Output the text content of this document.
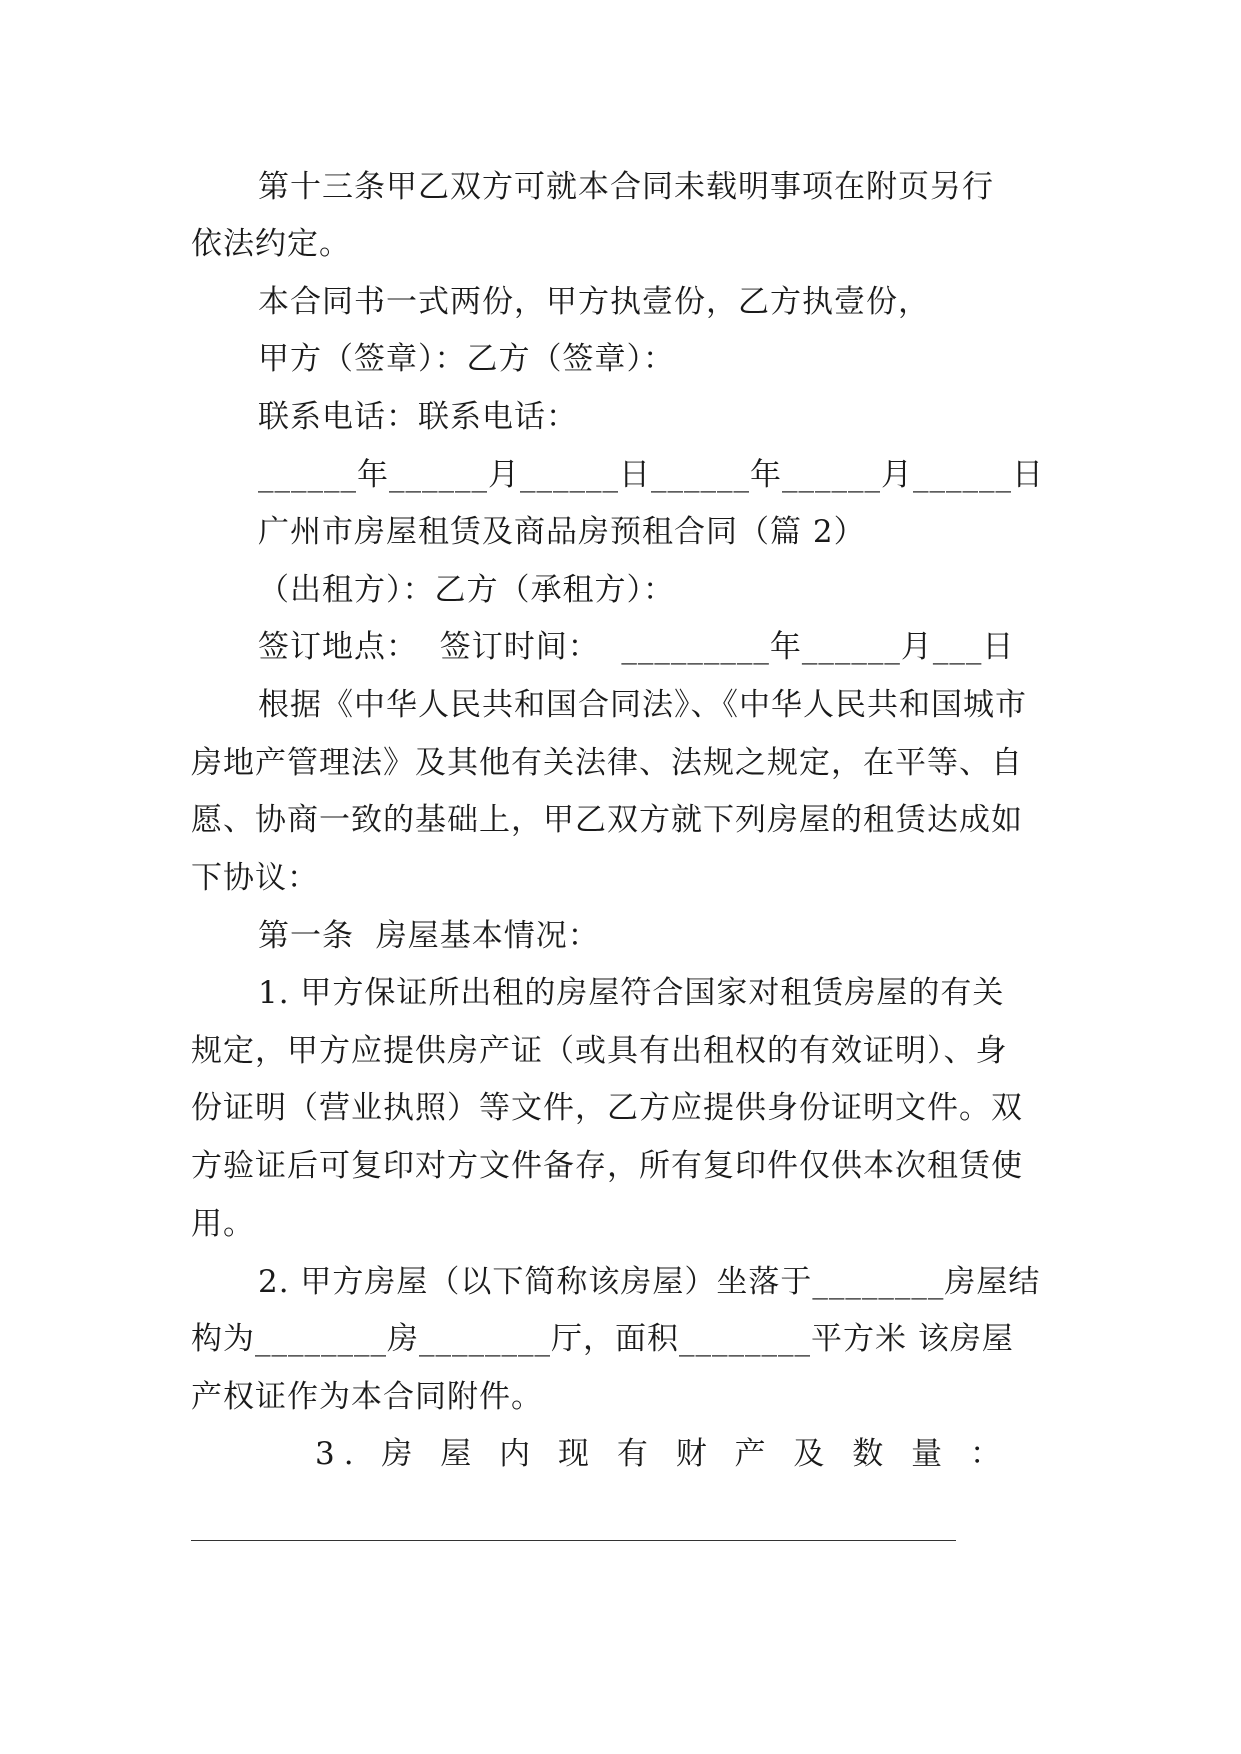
第十三条甲乙双方可就本合同未载明事项在附页另行
依法约定。
本合同书一式两份，甲方执壹份，乙方执壹份，
甲方（签章）：乙方（签章）：
联系电话：联系电话：
______年______月______日______年______月______日
广州市房屋租赁及商品房预租合同（篇 2）
（出租方）：乙方（承租方）：
签订地点：  签订时间：  _________年______月___日
根据《中华人民共和国合同法》、《中华人民共和国城市
房地产管理法》及其他有关法律、法规之规定，在平等、自
愿、协商一致的基础上，甲乙双方就下列房屋的租赁达成如
下协议：
第一条  房屋基本情况：
1. 甲方保证所出租的房屋符合国家对租赁房屋的有关
规定，甲方应提供房产证（或具有出租权的有效证明）、身
份证明（营业执照）等文件，乙方应提供身份证明文件。双
方验证后可复印对方文件备存，所有复印件仅供本次租赁使
用。
2. 甲方房屋（以下简称该房屋）坐落于________房屋结
构为________房________厅，面积________平方米 该房屋
产权证作为本合同附件。
3. 房 屋 内 现 有 财 产 及 数 量 ：
